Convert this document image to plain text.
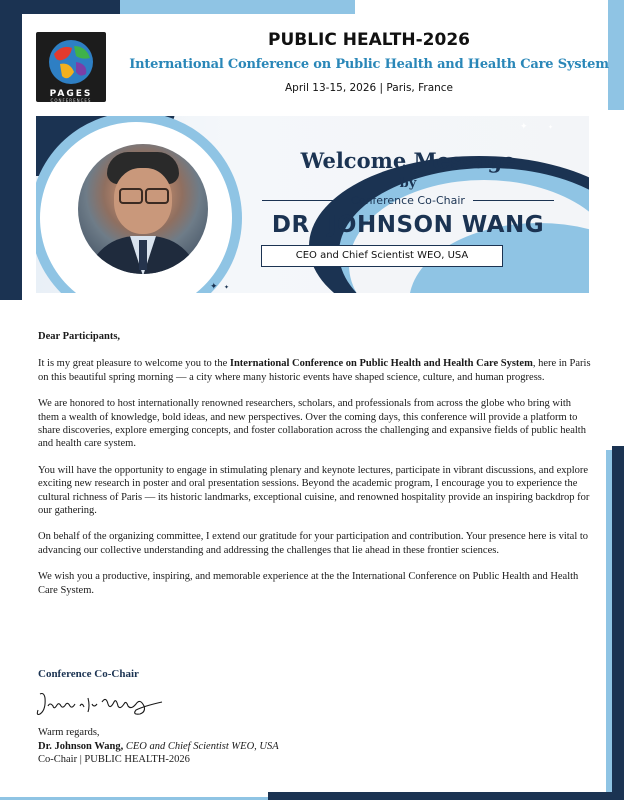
PAGES
CONFERENCES
PUBLIC HEALTH-2026
International Conference on Public Health and Health Care System
April 13-15, 2026 | Paris, France
Welcome Message
by
Conference Co-Chair
DR. JOHNSON WANG
CEO and Chief Scientist WEO, USA
✦ ✦
✦	✦

Dear Participants,

It is my great pleasure to welcome you to the International Conference on Public Health and Health Care System, here in Paris on this beautiful spring morning — a city where many historic events have shaped science, culture, and human progress.

We are honored to host internationally renowned researchers, scholars, and professionals from across the globe who bring with them a wealth of knowledge, bold ideas, and new perspectives. Over the coming days, this conference will provide a platform to share discoveries, explore emerging concepts, and foster collaboration across the challenging and expansive fields of public health and health care system.

You will have the opportunity to engage in stimulating plenary and keynote lectures, participate in vibrant discussions, and explore exciting new research in poster and oral presentation sessions. Beyond the academic program, I encourage you to experience the cultural richness of Paris — its historic landmarks, exceptional cuisine, and renowned hospitality provide an inspiring backdrop for our gathering.

On behalf of the organizing committee, I extend our gratitude for your participation and contribution. Your presence here is vital to advancing our collective understanding and addressing the challenges that lie ahead in these frontier sciences.

We wish you a productive, inspiring, and memorable experience at the the International Conference on Public Health and Health Care System.

Conference Co-Chair
Warm regards,
Dr. Johnson Wang, CEO and Chief Scientist WEO, USA
Co-Chair | PUBLIC HEALTH-2026
